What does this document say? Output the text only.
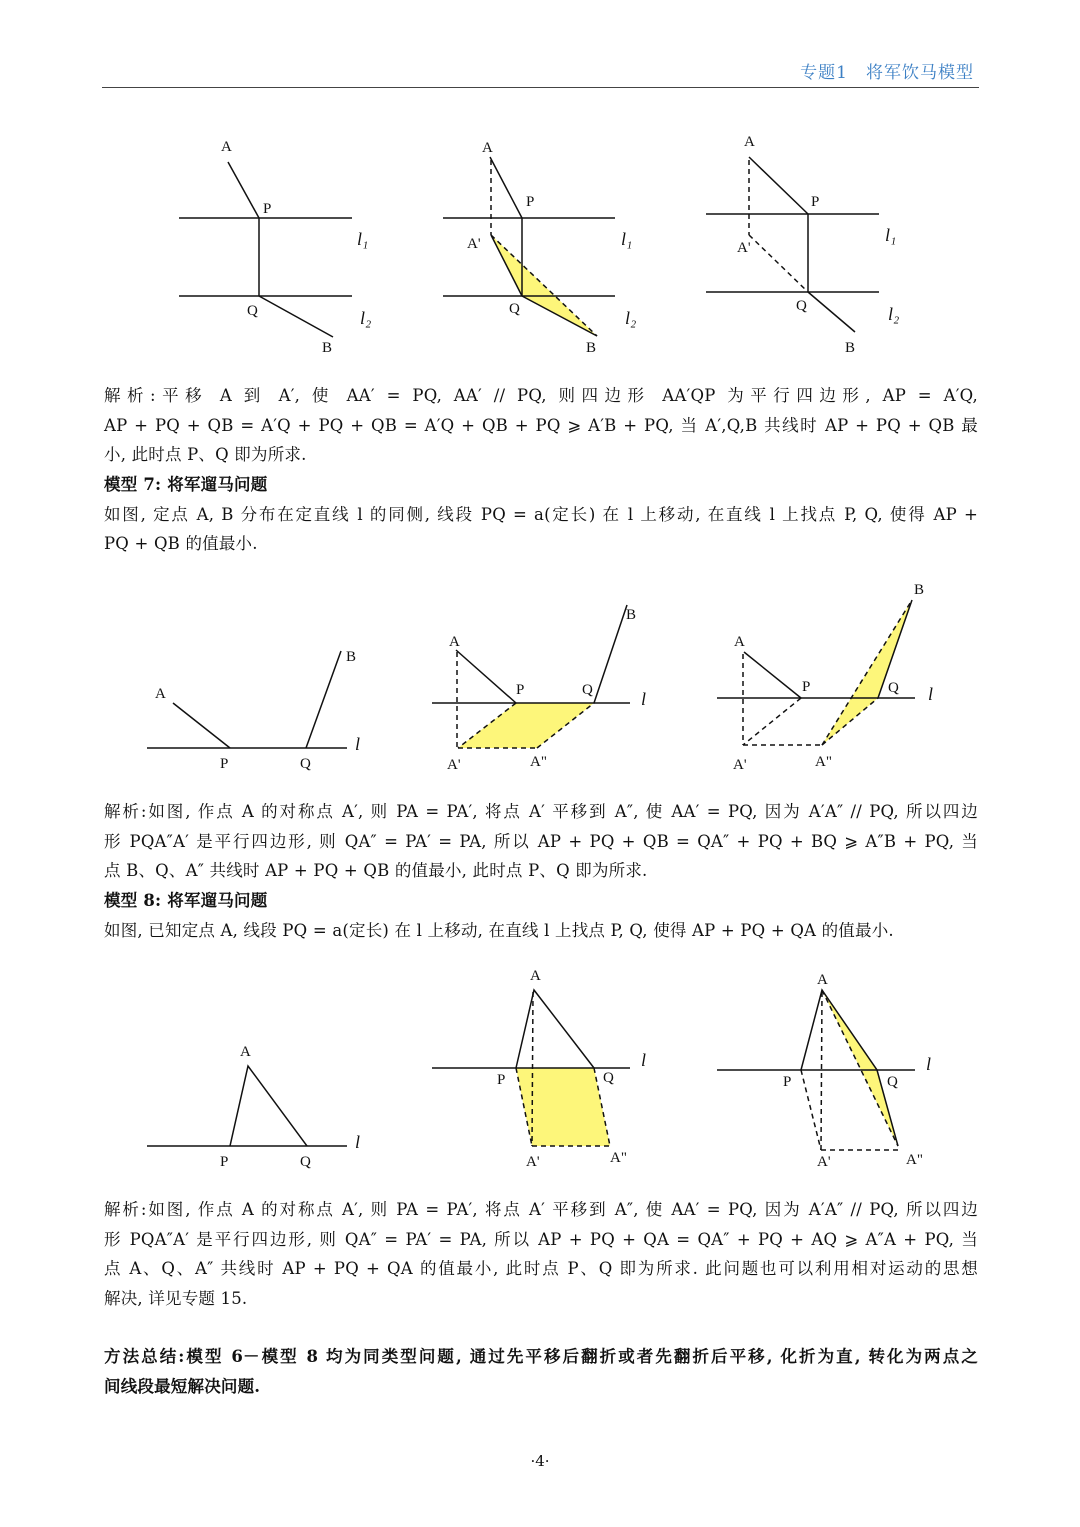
专题1　将军饮马模型
A
P
l₁
Q	l₂
B
A
P
A'	l₁
Q	l₂
B
A
P
A'
l₁
Q	l₂
B
A
B
l
P	Q
A
P	Q
B
l
A'	A"
A
P	Q
B
l
A'	A"
A
P	Q
l
A
P	Q
l
A'	A"
A
P	Q
l
A'	A"
解析:平移 A 到 A′, 使 AA′ = PQ, AA′ // PQ, 则四边形 AA′QP 为平行四边形, AP = A′Q,
AP + PQ + QB = A′Q + PQ + QB = A′Q + QB + PQ ⩾ A′B + PQ, 当 A′,Q,B 共线时 AP + PQ + QB 最
小, 此时点 P、Q 即为所求.
模型 7: 将军遛马问题
如图, 定点 A, B 分布在定直线 l 的同侧, 线段 PQ = a(定长) 在 l 上移动, 在直线 l 上找点 P, Q, 使得 AP +
PQ + QB 的值最小.
解析:如图, 作点 A 的对称点 A′, 则 PA = PA′, 将点 A′ 平移到 A″, 使 AA′ = PQ, 因为 A′A″ // PQ, 所以四边
形 PQA″A′ 是平行四边形, 则 QA″ = PA′ = PA, 所以 AP + PQ + QB = QA″ + PQ + BQ ⩾ A″B + PQ, 当
点 B、Q、A″ 共线时 AP + PQ + QB 的值最小, 此时点 P、Q 即为所求.
模型 8: 将军遛马问题
如图, 已知定点 A, 线段 PQ = a(定长) 在 l 上移动, 在直线 l 上找点 P, Q, 使得 AP + PQ + QA 的值最小.
解析:如图, 作点 A 的对称点 A′, 则 PA = PA′, 将点 A′ 平移到 A″, 使 AA′ = PQ, 因为 A′A″ // PQ, 所以四边
形 PQA″A′ 是平行四边形, 则 QA″ = PA′ = PA, 所以 AP + PQ + QA = QA″ + PQ + AQ ⩾ A″A + PQ, 当
点 A、Q、A″ 共线时 AP + PQ + QA 的值最小, 此时点 P、Q 即为所求. 此问题也可以利用相对运动的思想
解决, 详见专题 15.
方法总结:模型 6－模型 8 均为同类型问题, 通过先平移后翻折或者先翻折后平移, 化折为直, 转化为两点之
间线段最短解决问题.
·4·
